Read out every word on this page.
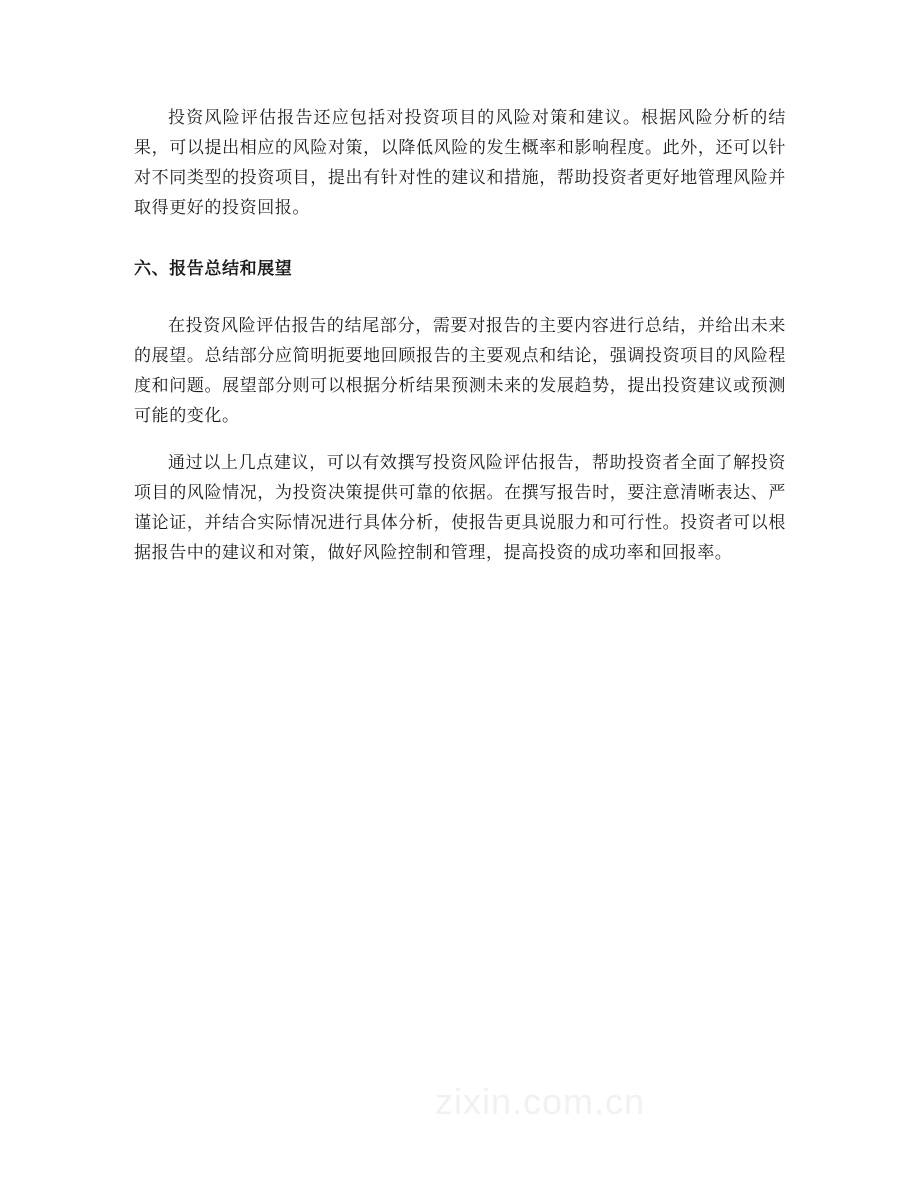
投资风险评估报告还应包括对投资项目的风险对策和建议。根据风险分析的结果，可以提出相应的风险对策，以降低风险的发生概率和影响程度。此外，还可以针对不同类型的投资项目，提出有针对性的建议和措施，帮助投资者更好地管理风险并取得更好的投资回报。

六、报告总结和展望

在投资风险评估报告的结尾部分，需要对报告的主要内容进行总结，并给出未来的展望。总结部分应简明扼要地回顾报告的主要观点和结论，强调投资项目的风险程度和问题。展望部分则可以根据分析结果预测未来的发展趋势，提出投资建议或预测可能的变化。

通过以上几点建议，可以有效撰写投资风险评估报告，帮助投资者全面了解投资项目的风险情况，为投资决策提供可靠的依据。在撰写报告时，要注意清晰表达、严谨论证，并结合实际情况进行具体分析，使报告更具说服力和可行性。投资者可以根据报告中的建议和对策，做好风险控制和管理，提高投资的成功率和回报率。

zixin.com.cn
